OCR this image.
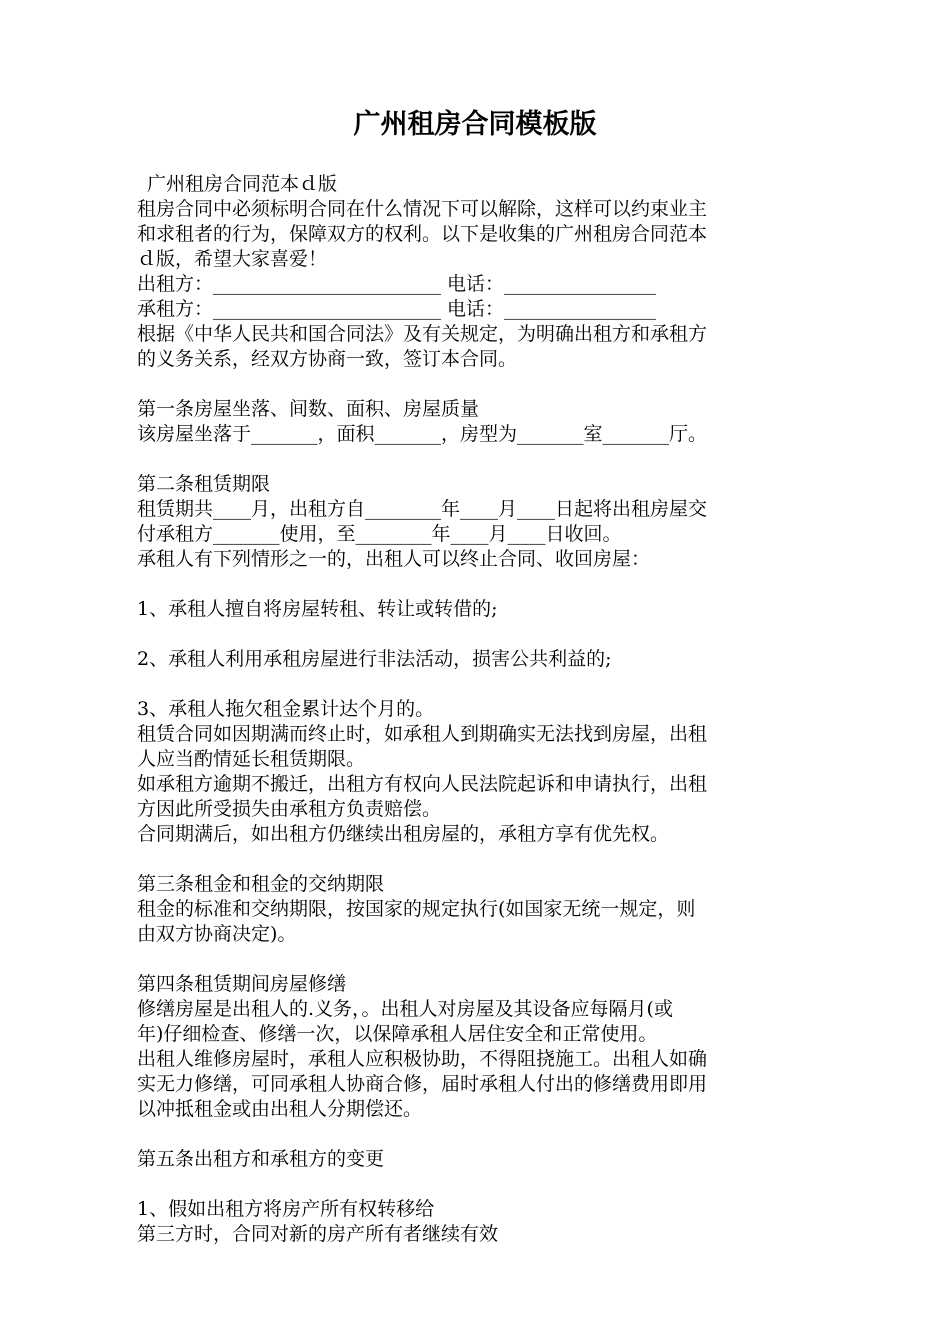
广州租房合同模板版
广州租房合同范本ｄ版
租房合同中必须标明合同在什么情况下可以解除，这样可以约束业主
和求租者的行为，保障双方的权利。以下是收集的广州租房合同范本
ｄ版，希望大家喜爱！
出租方：________________________ 电话：________________
承租方：________________________ 电话：________________
根据《中华人民共和国合同法》及有关规定，为明确出租方和承租方
的义务关系，经双方协商一致，签订本合同。

第一条房屋坐落、间数、面积、房屋质量
该房屋坐落于_______，面积_______，房型为_______室_______厅。

第二条租赁期限
租赁期共____月，出租方自________年____月____日起将出租房屋交
付承租方_______使用，至________年____月____日收回。
承租人有下列情形之一的，出租人可以终止合同、收回房屋：

1、承租人擅自将房屋转租、转让或转借的;

2、承租人利用承租房屋进行非法活动，损害公共利益的;

3、承租人拖欠租金累计达个月的。
租赁合同如因期满而终止时，如承租人到期确实无法找到房屋，出租
人应当酌情延长租赁期限。
如承租方逾期不搬迁，出租方有权向人民法院起诉和申请执行，出租
方因此所受损失由承租方负责赔偿。
合同期满后，如出租方仍继续出租房屋的，承租方享有优先权。

第三条租金和租金的交纳期限
租金的标准和交纳期限，按国家的规定执行(如国家无统一规定，则
由双方协商决定)。

第四条租赁期间房屋修缮
修缮房屋是出租人的.义务，。出租人对房屋及其设备应每隔月(或
年)仔细检查、修缮一次，以保障承租人居住安全和正常使用。
出租人维修房屋时，承租人应积极协助，不得阻挠施工。出租人如确
实无力修缮，可同承租人协商合修，届时承租人付出的修缮费用即用
以冲抵租金或由出租人分期偿还。

第五条出租方和承租方的变更

1、假如出租方将房产所有权转移给
第三方时，合同对新的房产所有者继续有效
